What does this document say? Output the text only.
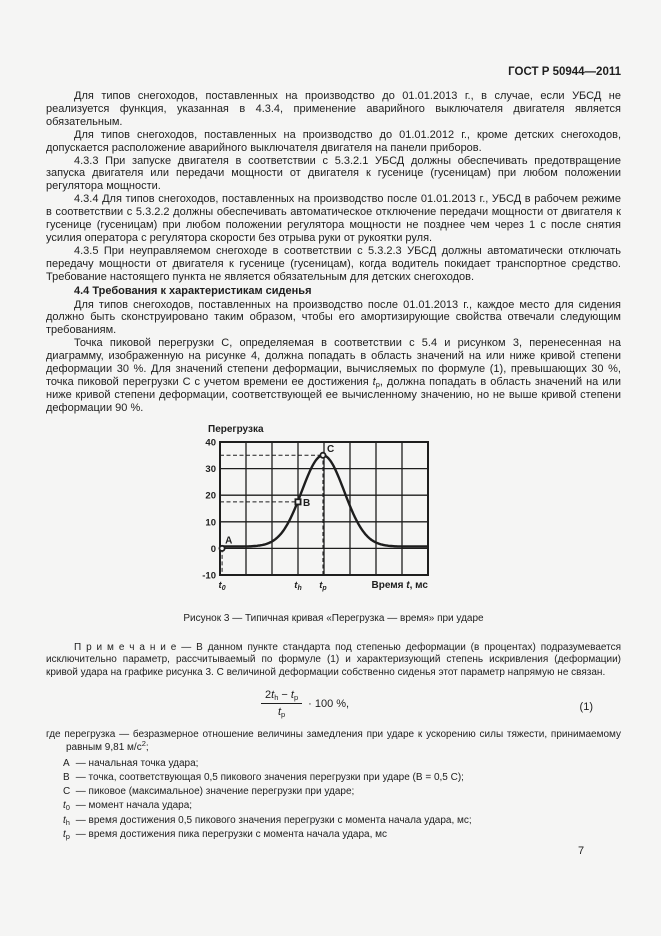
ГОСТ Р 50944—2011

Для типов снегоходов, поставленных на производство до 01.01.2013 г., в случае, если УБСД не реализуется функция, указанная в 4.3.4, применение аварийного выключателя двигателя является обязательным.

Для типов снегоходов, поставленных на производство до 01.01.2012 г., кроме детских снегоходов, допускается расположение аварийного выключателя двигателя на панели приборов.

4.3.3 При запуске двигателя в соответствии с 5.3.2.1 УБСД должны обеспечивать предотвращение запуска двигателя или передачи мощности от двигателя к гусенице (гусеницам) при любом положении регулятора мощности.

4.3.4 Для типов снегоходов, поставленных на производство после 01.01.2013 г., УБСД в рабочем режиме в соответствии с 5.3.2.2 должны обеспечивать автоматическое отключение передачи мощности от двигателя к гусенице (гусеницам) при любом положении регулятора мощности не позднее чем через 1 с после снятия усилия оператора с регулятора скорости без отрыва руки от рукоятки руля.

4.3.5 При неуправляемом снегоходе в соответствии с 5.3.2.3 УБСД должны автоматически отключать передачу мощности от двигателя к гусенице (гусеницам), когда водитель покидает транспортное средство. Требование настоящего пункта не является обязательным для детских снегоходов.

4.4 Требования к характеристикам сиденья

Для типов снегоходов, поставленных на производство после 01.01.2013 г., каждое место для сидения должно быть сконструировано таким образом, чтобы его амортизирующие свойства отвечали следующим требованиям.

Точка пиковой перегрузки С, определяемая в соответствии с 5.4 и рисунком 3, перенесенная на диаграмму, изображенную на рисунке 4, должна попадать в область значений на или ниже кривой степени деформации 30 %. Для значений степени деформации, вычисляемых по формуле (1), превышающих 30 %, точка пиковой перегрузки С с учетом времени ее достижения $t_p$, должна попадать в область значений на или ниже кривой степени деформации, соответствующей ее вычисленному значению, но не выше кривой степени деформации 90 %.

40
30
20
10
0
-10
Перегрузка
$t_0$	$t_h$ $t_p$	Время t, мс
A
B
C
Рисунок 3 — Типичная кривая «Перегрузка — время» при ударе

П р и м е ч а н и е — В данном пункте стандарта под степенью деформации (в процентах) подразумевается исключительно параметр, рассчитываемый по формуле (1) и характеризующий степень искривления (деформации) кривой удара на графике рисунка 3. С величиной деформации собственно сиденья этот параметр напрямую не связан.

$\frac{2t_h - t_p}{t_p} \cdot 100$ %,	(1)

где перегрузка — безразмерное отношение величины замедления при ударе к ускорению силы тяжести, принимаемому равным 9,81 $м/с^2$;

А — начальная точка удара;
В — точка, соответствующая 0,5 пикового значения перегрузки при ударе (В = 0,5 С);
С — пиковое (максимальное) значение перегрузки при ударе;
$t_0$ — момент начала удара;
$t_h$ — время достижения 0,5 пикового значения перегрузки с момента начала удара, мс;
$t_p$ — время достижения пика перегрузки с момента начала удара, мс
7
